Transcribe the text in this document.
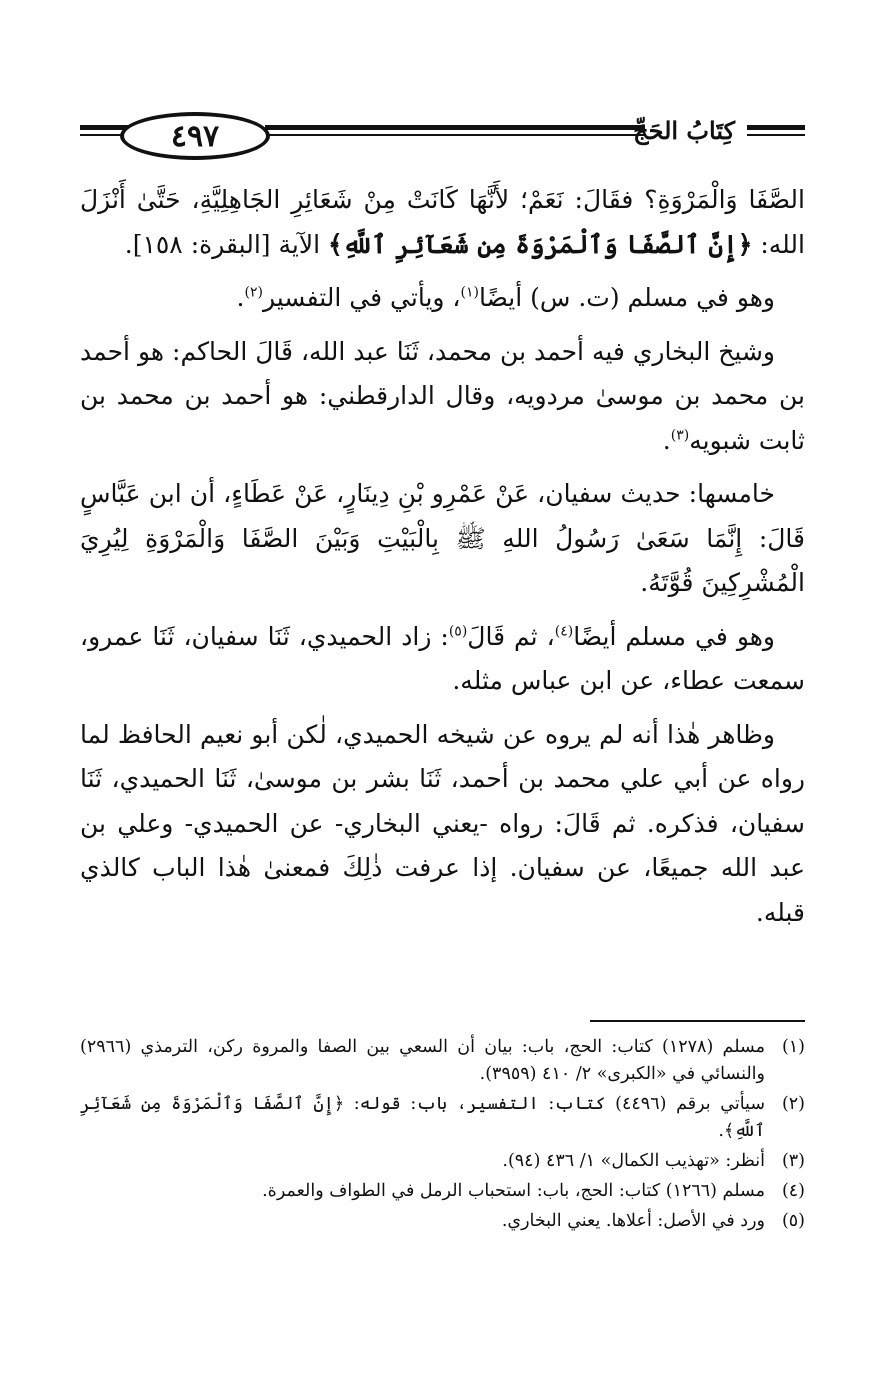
٤٩٧	كِتَابُ الحَجِّ

الصَّفَا وَالْمَرْوَةِ؟ فقَالَ: نَعَمْ؛ لأَنَّهَا كَانَتْ مِنْ شَعَائِرِ الجَاهِلِيَّةِ، حَتَّىٰ أَنْزَلَ الله: ﴿إِنَّ ٱلصَّفَا وَٱلْمَرْوَةَ مِن شَعَآئِرِ ٱللَّهِ﴾ الآية [البقرة: ١٥٨].

وهو في مسلم (ت. س) أيضًا$^{(١)}$، ويأتي في التفسير$^{(٢)}$.

وشيخ البخاري فيه أحمد بن محمد، ثَنَا عبد الله، قَالَ الحاكم: هو أحمد بن محمد بن موسىٰ مردويه، وقال الدارقطني: هو أحمد بن محمد بن ثابت شبويه$^{(٣)}$.

خامسها: حديث سفيان، عَنْ عَمْرِو بْنِ دِينَارٍ، عَنْ عَطَاءٍ، أن ابن عَبَّاسٍ قَالَ: إِنَّمَا سَعَىٰ رَسُولُ اللهِ ﷺ بِالْبَيْتِ وَبَيْنَ الصَّفَا وَالْمَرْوَةِ لِيُرِيَ الْمُشْرِكِينَ قُوَّتَهُ.

وهو في مسلم أيضًا$^{(٤)}$، ثم قَالَ$^{(٥)}$: زاد الحميدي، ثَنَا سفيان، ثَنَا عمرو، سمعت عطاء، عن ابن عباس مثله.

وظاهر هٰذا أنه لم يروه عن شيخه الحميدي، لٰكن أبو نعيم الحافظ لما رواه عن أبي علي محمد بن أحمد، ثَنَا بشر بن موسىٰ، ثَنَا الحميدي، ثَنَا سفيان، فذكره. ثم قَالَ: رواه -يعني البخاري- عن الحميدي- وعلي بن عبد الله جميعًا، عن سفيان. إذا عرفت ذٰلِكَ فمعنىٰ هٰذا الباب كالذي قبله.

(١)
مسلم (١٢٧٨) كتاب: الحج، باب: بيان أن السعي بين الصفا والمروة ركن، الترمذي (٢٩٦٦) والنسائي في «الكبرى» ٢/ ٤١٠ (٣٩٥٩).
(٢)
سيأتي برقم (٤٤٩٦) كتاب: التفسير، باب: قوله: ﴿إِنَّ ٱلصَّفَا وَٱلْمَرْوَةَ مِن شَعَآئِرِ ٱللَّهِ﴾.
(٣)
أنظر: «تهذيب الكمال» ١/ ٤٣٦ (٩٤).
(٤)
مسلم (١٢٦٦) كتاب: الحج، باب: استحباب الرمل في الطواف والعمرة.
(٥)
ورد في الأصل: أعلاها. يعني البخاري.
